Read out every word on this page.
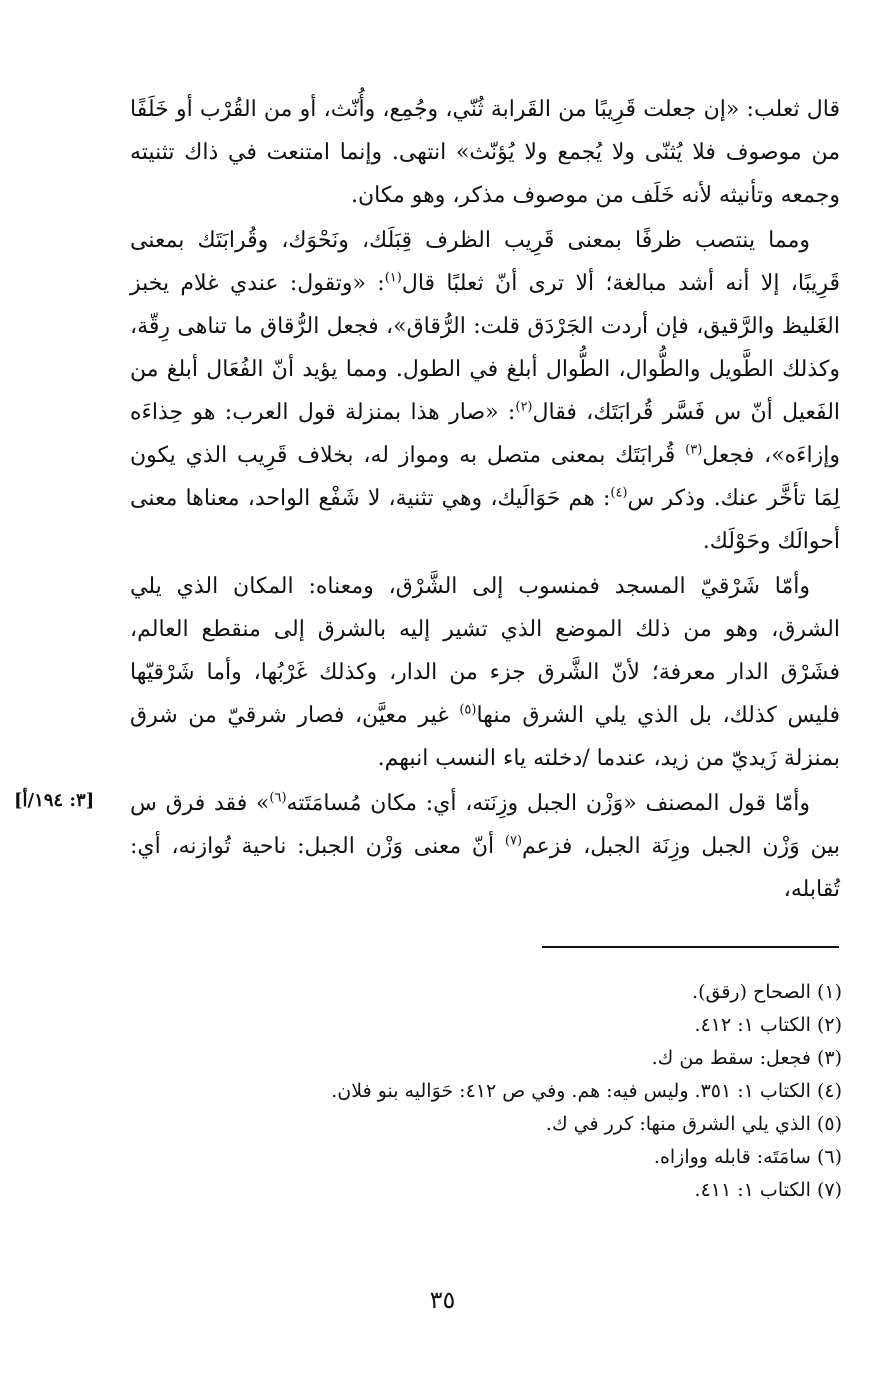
قال ثعلب: «إن جعلت قَرِيبًا من القَرابة ثُنّي، وجُمِع، وأُنّث، أو من القُرْب أو خَلَفًا من موصوف فلا يُثنّى ولا يُجمع ولا يُؤنّث» انتهى. وإنما امتنعت في ذاك تثنيته وجمعه وتأنيثه لأنه خَلَف من موصوف مذكر، وهو مكان.

ومما ينتصب ظرفًا بمعنى قَرِيب الظرف قِبَلَك، ونَحْوَك، وقُرابَتَك بمعنى قَرِيبًا، إلا أنه أشد مبالغة؛ ألا ترى أنّ ثعلبًا قال$^{(١)}$: «وتقول: عندي غلام يخبز الغَليظ والرَّقيق، فإن أردت الجَرْدَق قلت: الرُّقاق»، فجعل الرُّقاق ما تناهى رِقّة، وكذلك الطَّويل والطُّوال، الطُّوال أبلغ في الطول. ومما يؤيد أنّ الفُعَال أبلغ من الفَعيل أنّ س فَسَّر قُرابَتَك، فقال$^{(٢)}$: «صار هذا بمنزلة قول العرب: هو حِذاءَه وإزاءَه»، فجعل$^{(٣)}$ قُرابَتَك بمعنى متصل به ومواز له، بخلاف قَرِيب الذي يكون لِمَا تأخَّر عنك. وذكر س$^{(٤)}$: هم حَوَالَيك، وهي تثنية، لا شَفْع الواحد، معناها معنى أحوالَك وحَوْلَك.

وأمّا شَرْقيّ المسجد فمنسوب إلى الشَّرْق، ومعناه: المكان الذي يلي الشرق، وهو من ذلك الموضع الذي تشير إليه بالشرق إلى منقطع العالم، فشَرْق الدار معرفة؛ لأنّ الشَّرق جزء من الدار، وكذلك غَرْبُها، وأما شَرْقيّها فليس كذلك، بل الذي يلي الشرق منها$^{(٥)}$ غير معيَّن، فصار شرقيّ من شرق بمنزلة زَيديّ من زيد، عندما /دخلته ياء النسب انبهم.

وأمّا قول المصنف «وَزْن الجبل وزِنَته، أي: مكان مُسامَتَته$^{(٦)}$» فقد فرق س بين وَزْن الجبل وزِنَة الجبل، فزعم$^{(٧)}$ أنّ معنى وَزْن الجبل: ناحية تُوازنه، أي: تُقابله،

[٣: ١٩٤/أ]

(١) الصحاح (رقق).

(٢) الكتاب ١: ٤١٢.

(٣) فجعل: سقط من ك.

(٤) الكتاب ١: ٣٥١. وليس فيه: هم. وفي ص ٤١٢: حَوَاليه بنو فلان.

(٥) الذي يلي الشرق منها: كرر في ك.

(٦) سامَتَه: قابله ووازاه.

(٧) الكتاب ١: ٤١١.

٣٥
